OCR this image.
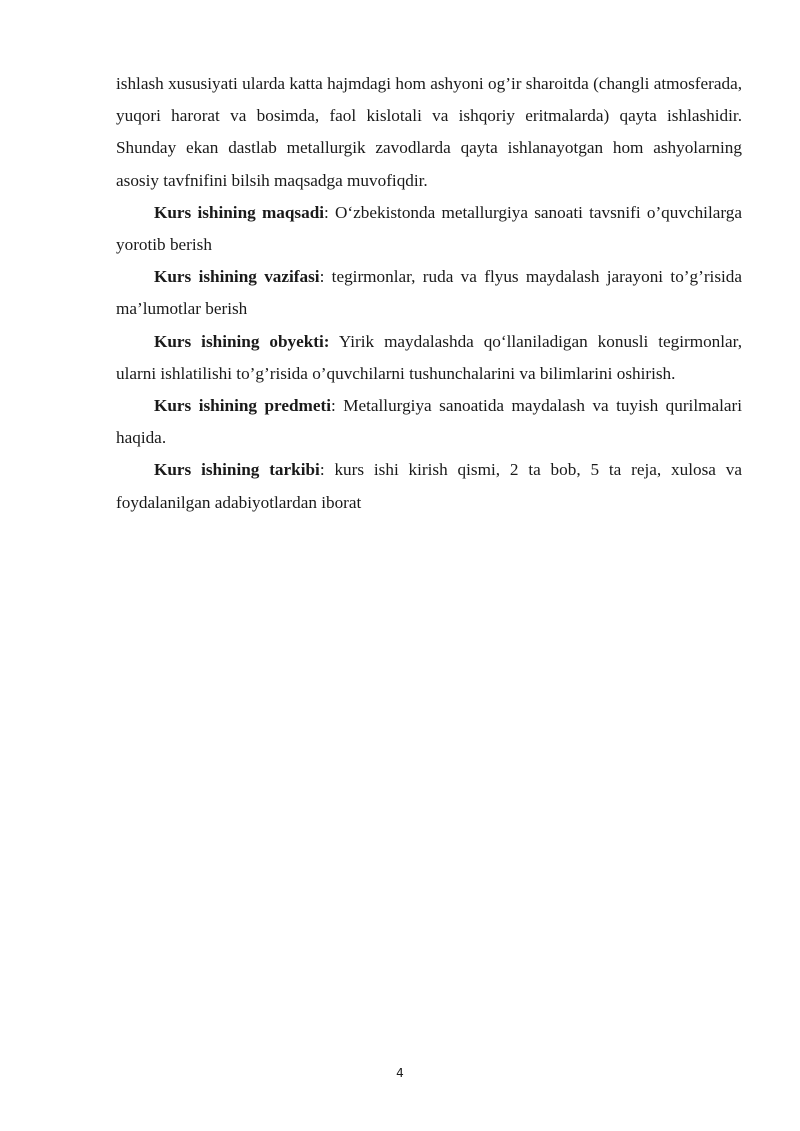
ishlash xususiyati ularda katta hajmdagi hom ashyoni og’ir sharoitda (changli atmosferada, yuqori harorat va bosimda, faol kislotali va ishqoriy eritmalarda) qayta ishlashidir. Shunday ekan dastlab metallurgik zavodlarda qayta ishlanayotgan hom ashyolarning asosiy tavfnifini bilsih maqsadga muvofiqdir.

Kurs ishining maqsadi: O‘zbekistonda metallurgiya sanoati tavsnifi o’quvchilarga yorotib berish

Kurs ishining vazifasi: tegirmonlar, ruda va flyus maydalash jarayoni to’g’risida ma’lumotlar berish

Kurs ishining obyekti: Yirik maydalashda qo‘llaniladigan konusli tegirmonlar, ularni ishlatilishi to’g’risida o’quvchilarni tushunchalarini va bilimlarini oshirish.

Kurs ishining predmeti: Metallurgiya sanoatida maydalash va tuyish qurilmalari haqida.

Kurs ishining tarkibi: kurs ishi kirish qismi, 2 ta bob, 5 ta reja, xulosa va foydalanilgan adabiyotlardan iborat

4
